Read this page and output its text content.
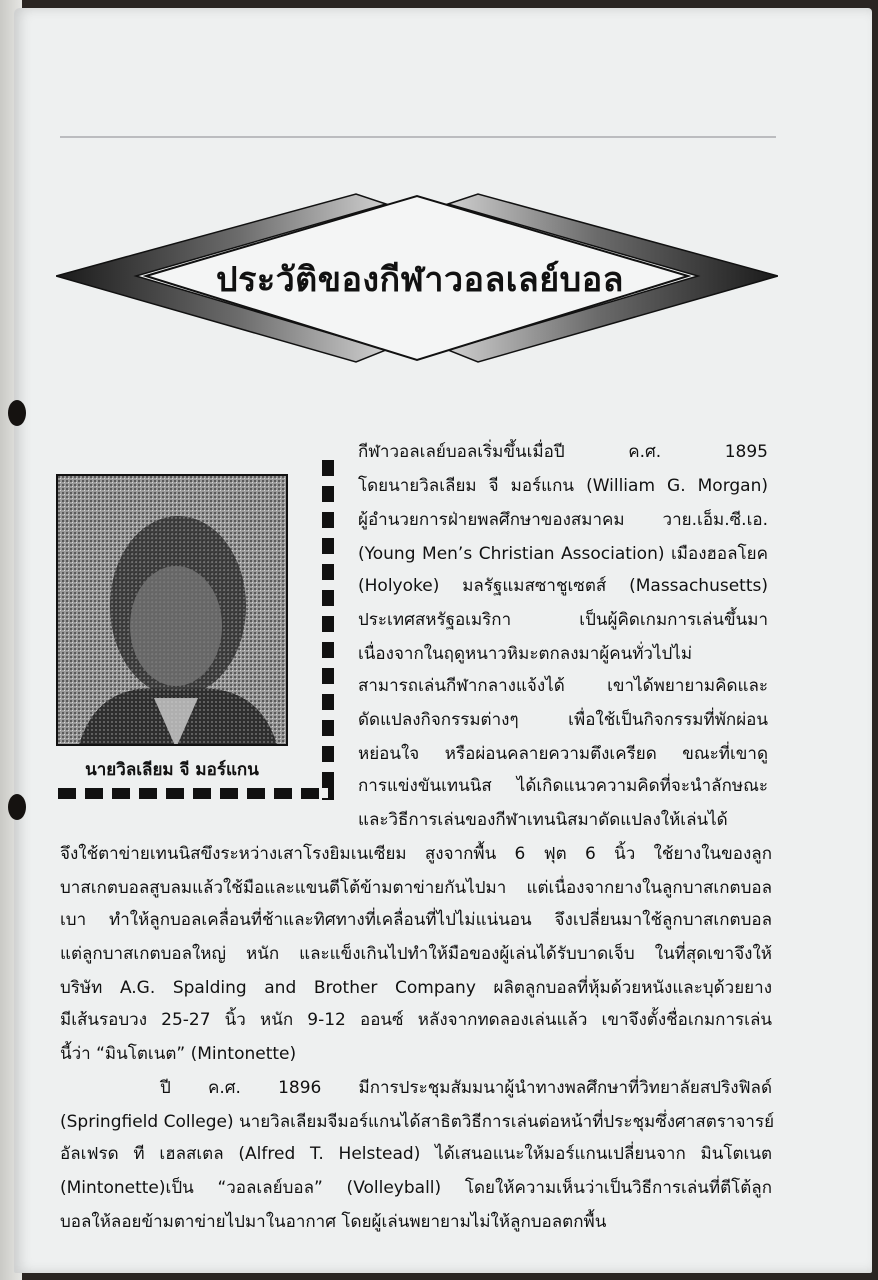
ประวัติของกีฬาวอลเลย์บอล
นายวิลเลียม จี มอร์แกน
กีฬาวอลเลย์บอลเริ่มขึ้นเมื่อปี ค.ศ. 1895
โดยนายวิลเลียม จี มอร์แกน (William G. Morgan)
ผู้อำนวยการฝ่ายพลศึกษาของสมาคม วาย.เอ็ม.ซี.เอ.
(Young Men’s Christian Association) เมืองฮอลโยค
(Holyoke) มลรัฐแมสซาชูเซตส์ (Massachusetts)
ประเทศสหรัฐอเมริกา เป็นผู้คิดเกมการเล่นขึ้นมา
เนื่องจากในฤดูหนาวหิมะตกลงมาผู้คนทั่วไปไม่
สามารถเล่นกีฬากลางแจ้งได้ เขาได้พยายามคิดและ
ดัดแปลงกิจกรรมต่างๆ เพื่อใช้เป็นกิจกรรมที่พักผ่อน
หย่อนใจ หรือผ่อนคลายความตึงเครียด ขณะที่เขาดู
การแข่งขันเทนนิส ได้เกิดแนวความคิดที่จะนำลักษณะ
และวิธีการเล่นของกีฬาเทนนิสมาดัดแปลงให้เล่นได้
จึงใช้ตาข่ายเทนนิสขึงระหว่างเสาโรงยิมเนเซียม สูงจากพื้น 6 ฟุต 6 นิ้ว ใช้ยางในของลูก
บาสเกตบอลสูบลมแล้วใช้มือและแขนตีโต้ข้ามตาข่ายกันไปมา แต่เนื่องจากยางในลูกบาสเกตบอล
เบา ทำให้ลูกบอลเคลื่อนที่ช้าและทิศทางที่เคลื่อนที่ไปไม่แน่นอน จึงเปลี่ยนมาใช้ลูกบาสเกตบอล
แต่ลูกบาสเกตบอลใหญ่ หนัก และแข็งเกินไปทำให้มือของผู้เล่นได้รับบาดเจ็บ ในที่สุดเขาจึงให้
บริษัท A.G. Spalding and Brother Company ผลิตลูกบอลที่หุ้มด้วยหนังและบุด้วยยาง
มีเส้นรอบวง 25-27 นิ้ว หนัก 9-12 ออนซ์ หลังจากทดลองเล่นแล้ว เขาจึงตั้งชื่อเกมการเล่น
นี้ว่า “มินโตเนต” (Mintonette)
ปี ค.ศ. 1896 มีการประชุมสัมมนาผู้นำทางพลศึกษาที่วิทยาลัยสปริงฟิลด์
(Springfield College) นายวิลเลียมจีมอร์แกนได้สาธิตวิธีการเล่นต่อหน้าที่ประชุมซึ่งศาสตราจารย์
อัลเฟรด ที เฮลสเตล (Alfred T. Helstead) ได้เสนอแนะให้มอร์แกนเปลี่ยนจาก มินโตเนต
(Mintonette)เป็น “วอลเลย์บอล” (Volleyball) โดยให้ความเห็นว่าเป็นวิธีการเล่นที่ตีโต้ลูก
บอลให้ลอยข้ามตาข่ายไปมาในอากาศ โดยผู้เล่นพยายามไม่ให้ลูกบอลตกพื้น
